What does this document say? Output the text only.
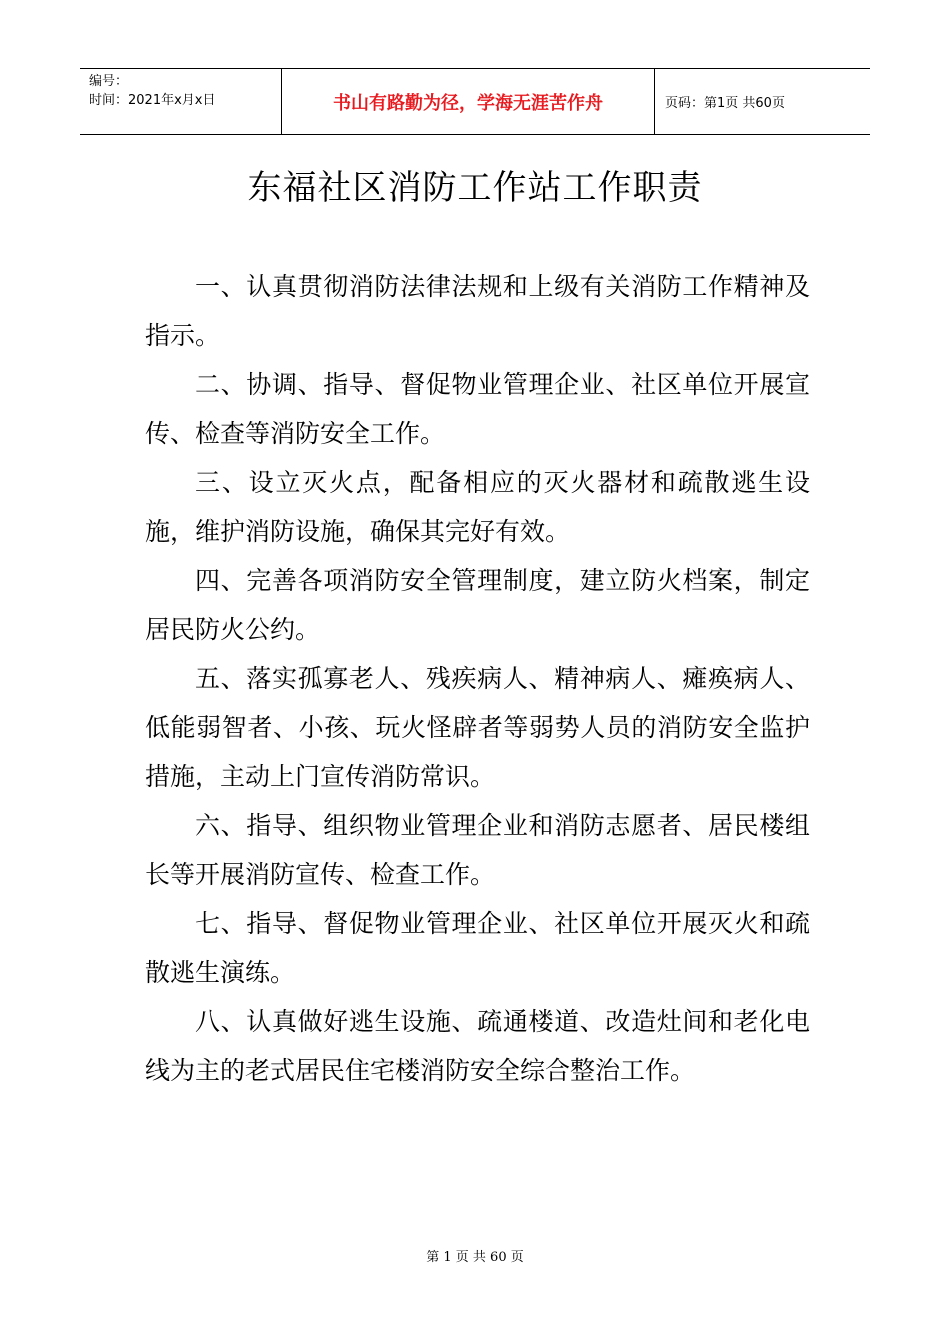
编号：
时间：2021年x月x日	书山有路勤为径，学海无涯苦作舟	页码：第1页 共60页
东福社区消防工作站工作职责

一、认真贯彻消防法律法规和上级有关消防工作精神及指示。

二、协调、指导、督促物业管理企业、社区单位开展宣传、检查等消防安全工作。

三、设立灭火点，配备相应的灭火器材和疏散逃生设施，维护消防设施，确保其完好有效。

四、完善各项消防安全管理制度，建立防火档案，制定居民防火公约。

五、落实孤寡老人、残疾病人、精神病人、瘫痪病人、低能弱智者、小孩、玩火怪辟者等弱势人员的消防安全监护措施，主动上门宣传消防常识。

六、指导、组织物业管理企业和消防志愿者、居民楼组长等开展消防宣传、检查工作。

七、指导、督促物业管理企业、社区单位开展灭火和疏散逃生演练。

八、认真做好逃生设施、疏通楼道、改造灶间和老化电线为主的老式居民住宅楼消防安全综合整治工作。

第 1 页 共 60 页
